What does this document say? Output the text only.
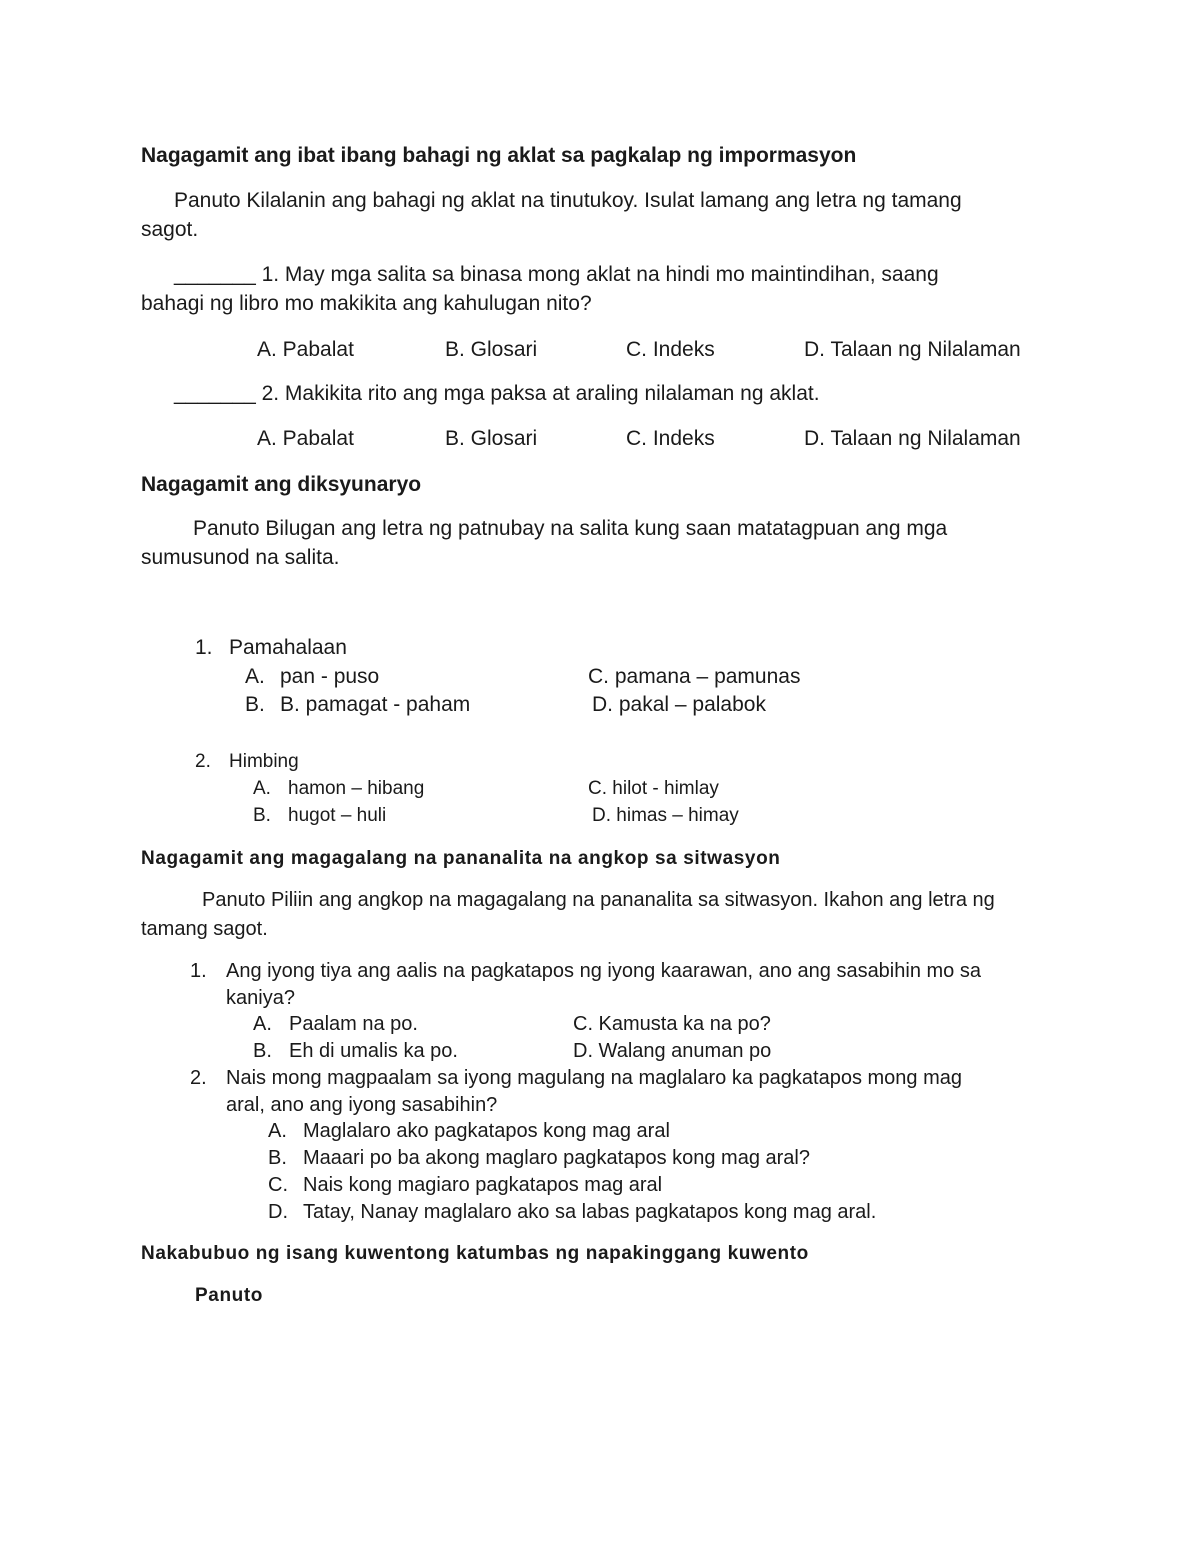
Nagagamit ang ibat ibang bahagi ng aklat sa pagkalap ng impormasyon
Panuto Kilalanin ang bahagi ng aklat na tinutukoy. Isulat lamang ang letra ng tamang
sagot.
_______ 1. May mga salita sa binasa mong aklat na hindi mo maintindihan, saang
bahagi ng libro mo makikita ang kahulugan nito?
A. Pabalat	B. Glosari	C. Indeks	D. Talaan ng Nilalaman
_______ 2. Makikita rito ang mga paksa at araling nilalaman ng aklat.
A. Pabalat	B. Glosari	C. Indeks	D. Talaan ng Nilalaman
Nagagamit ang diksyunaryo
Panuto Bilugan ang letra ng patnubay na salita kung saan matatagpuan ang mga
sumusunod na salita.
1. Pamahalaan
A. pan - puso	C. pamana – pamunas
B. B. pamagat - paham	D. pakal – palabok
2. Himbing
A. hamon – hibang	C. hilot - himlay
B. hugot – huli	D. himas – himay
Nagagamit ang magagalang na pananalita na angkop sa sitwasyon
Panuto Piliin ang angkop na magagalang na pananalita sa sitwasyon. Ikahon ang letra ng
tamang sagot.
1. Ang iyong tiya ang aalis na pagkatapos ng iyong kaarawan, ano ang sasabihin mo sa
kaniya?
A. Paalam na po.	C. Kamusta ka na po?
B. Eh di umalis ka po.	D. Walang anuman po
2. Nais mong magpaalam sa iyong magulang na maglalaro ka pagkatapos mong mag
aral, ano ang iyong sasabihin?
A. Maglalaro ako pagkatapos kong mag aral
B. Maaari po ba akong maglaro pagkatapos kong mag aral?
C. Nais kong magiaro pagkatapos mag aral
D. Tatay, Nanay maglalaro ako sa labas pagkatapos kong mag aral.
Nakabubuo ng isang kuwentong katumbas ng napakinggang kuwento
Panuto
